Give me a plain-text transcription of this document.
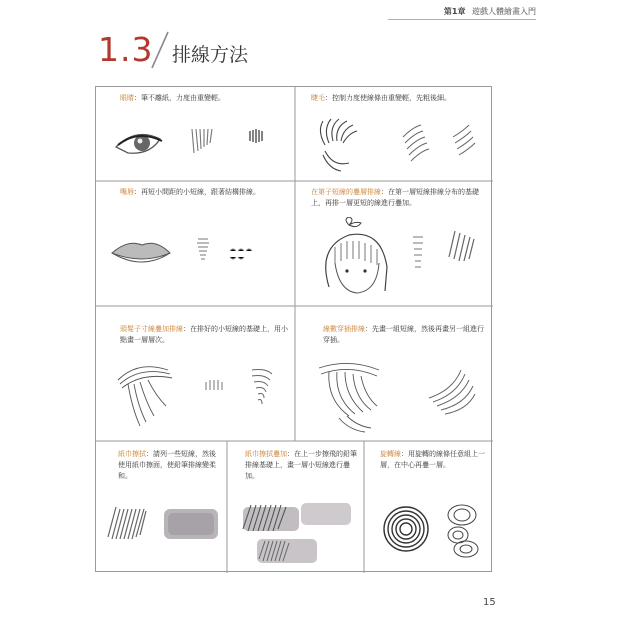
第1章 遊戲人體繪畫入門
1.3 排線方法
眼睛：筆不離紙，力度由重變輕。	睫毛：控制力度使線條由重變輕，先粗後細。
嘴唇：再短小間距的小短線，跟著結構排線。	在第子短線的疊層排線：在第一層短線排線分布的基礎上，再排一層更短的線進行疊加。
頭髮子寸線疊加排線：在排好的小短線的基礎上，用小點畫一層層次。
線數穿插排線：先畫一組短線，然後再畫另一組進行穿插。
紙巾擦拭：請列一些短線，然後使用紙巾擦面，使鉛筆排線變柔和。
紙巾擦拭疊加：在上一步擦飛的鉛筆排線基礎上，畫一層小短線進行疊加。
旋轉線：用旋轉的線條任意組上一層，在中心再疊一層。
15
